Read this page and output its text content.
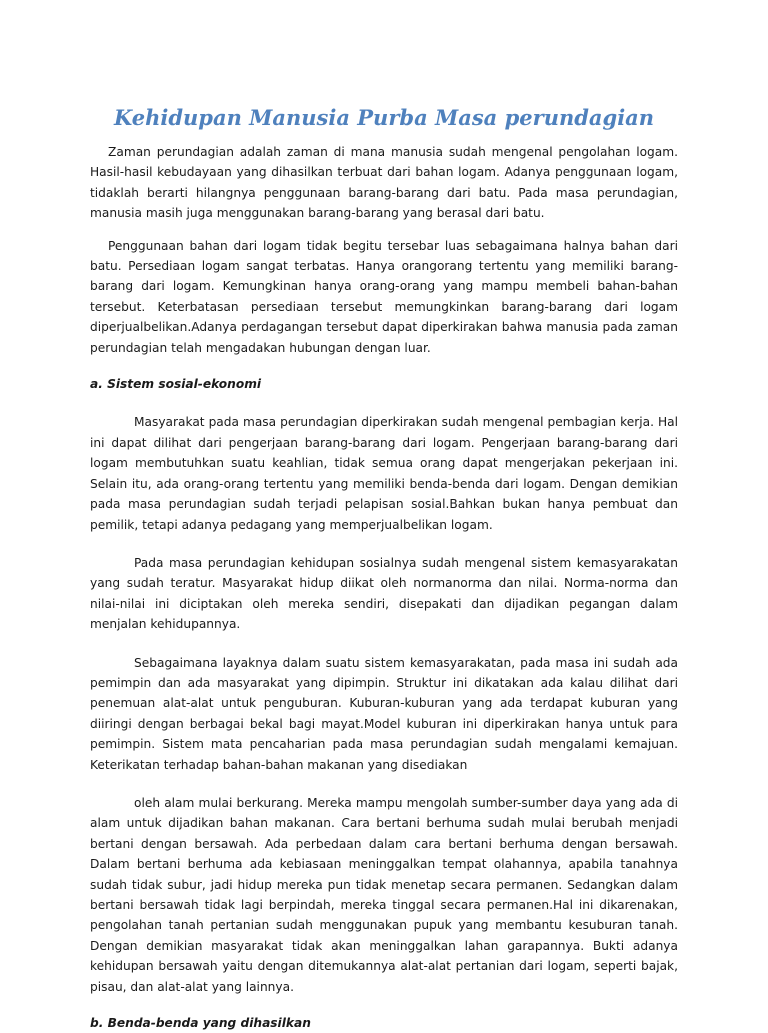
Kehidupan Manusia Purba Masa perundagian

Zaman perundagian adalah zaman di mana manusia sudah mengenal pengolahan logam. Hasil-hasil kebudayaan yang dihasilkan terbuat dari bahan logam. Adanya penggunaan logam, tidaklah berarti hilangnya penggunaan barang-barang dari batu. Pada masa perundagian, manusia masih juga menggunakan barang-barang yang berasal dari batu.

Penggunaan bahan dari logam tidak begitu tersebar luas sebagaimana halnya bahan dari batu. Persediaan logam sangat terbatas. Hanya orangorang tertentu yang memiliki barang-barang dari logam. Kemungkinan hanya orang-orang yang mampu membeli bahan-bahan tersebut. Keterbatasan persediaan tersebut memungkinkan barang-barang dari logam diperjualbelikan.Adanya perdagangan tersebut dapat diperkirakan bahwa manusia pada zaman perundagian telah mengadakan hubungan dengan luar.

a. Sistem sosial-ekonomi

Masyarakat pada masa perundagian diperkirakan sudah mengenal pembagian kerja. Hal ini dapat dilihat dari pengerjaan barang-barang dari logam. Pengerjaan barang-barang dari logam membutuhkan suatu keahlian, tidak semua orang dapat mengerjakan pekerjaan ini. Selain itu, ada orang-orang tertentu yang memiliki benda-benda dari logam. Dengan demikian pada masa perundagian sudah terjadi pelapisan sosial.Bahkan bukan hanya pembuat dan pemilik, tetapi adanya pedagang yang memperjualbelikan logam.

Pada masa perundagian kehidupan sosialnya sudah mengenal sistem kemasyarakatan yang sudah teratur. Masyarakat hidup diikat oleh normanorma dan nilai. Norma-norma dan nilai-nilai ini diciptakan oleh mereka sendiri, disepakati dan dijadikan pegangan dalam menjalan kehidupannya.

Sebagaimana layaknya dalam suatu sistem kemasyarakatan, pada masa ini sudah ada pemimpin dan ada masyarakat yang dipimpin. Struktur ini dikatakan ada kalau dilihat dari penemuan alat-alat untuk penguburan. Kuburan-kuburan yang ada terdapat kuburan yang diiringi dengan berbagai bekal bagi mayat.Model kuburan ini diperkirakan hanya untuk para pemimpin. Sistem mata pencaharian pada masa perundagian sudah mengalami kemajuan. Keterikatan terhadap bahan-bahan makanan yang disediakan

oleh alam mulai berkurang. Mereka mampu mengolah sumber-sumber daya yang ada di alam untuk dijadikan bahan makanan. Cara bertani berhuma sudah mulai berubah menjadi bertani dengan bersawah. Ada perbedaan dalam cara bertani berhuma dengan bersawah. Dalam bertani berhuma ada kebiasaan meninggalkan tempat olahannya, apabila tanahnya sudah tidak subur, jadi hidup mereka pun tidak menetap secara permanen. Sedangkan dalam bertani bersawah tidak lagi berpindah, mereka tinggal secara permanen.Hal ini dikarenakan, pengolahan tanah pertanian sudah menggunakan pupuk yang membantu kesuburan tanah. Dengan demikian masyarakat tidak akan meninggalkan lahan garapannya. Bukti adanya kehidupan bersawah yaitu dengan ditemukannya alat-alat pertanian dari logam, seperti bajak, pisau, dan alat-alat yang lainnya.

b. Benda-benda yang dihasilkan
